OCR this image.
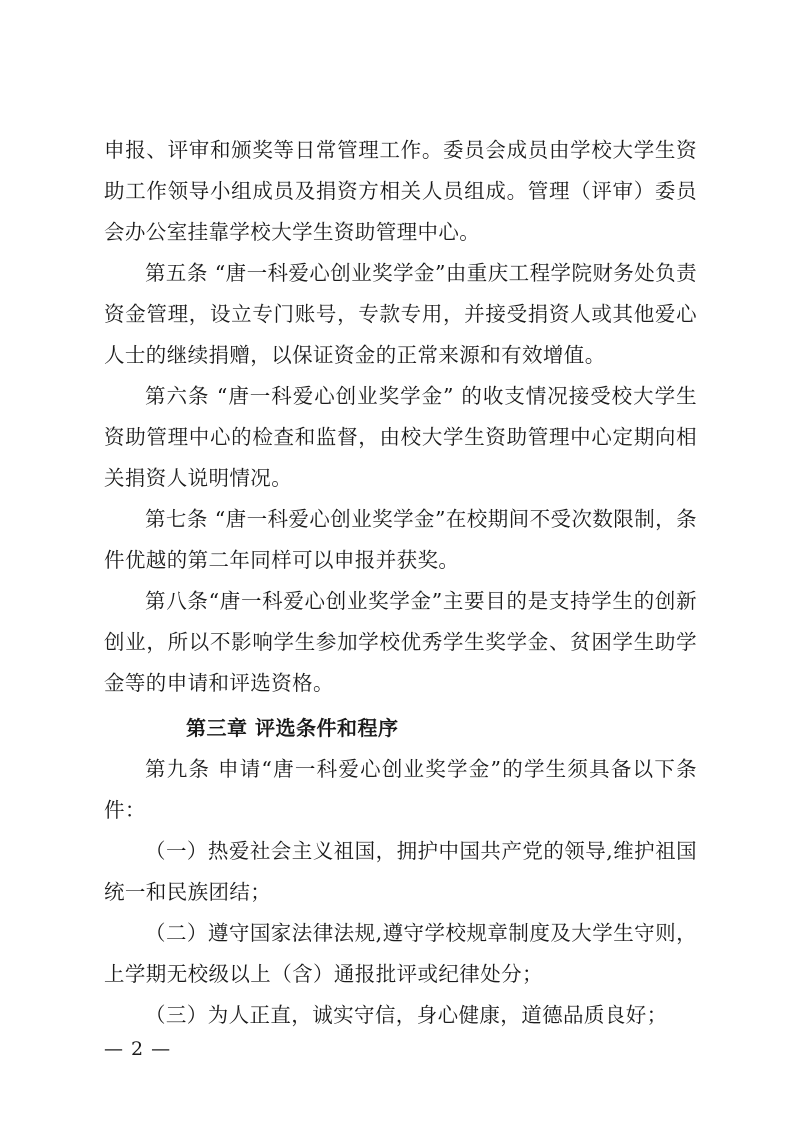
申报、评审和颁奖等日常管理工作。委员会成员由学校大学生资助工作领导小组成员及捐资方相关人员组成。管理（评审）委员会办公室挂靠学校大学生资助管理中心。

第五条 “唐一科爱心创业奖学金”由重庆工程学院财务处负责资金管理，设立专门账号，专款专用，并接受捐资人或其他爱心人士的继续捐赠，以保证资金的正常来源和有效增值。

第六条 “唐一科爱心创业奖学金” 的收支情况接受校大学生资助管理中心的检查和监督，由校大学生资助管理中心定期向相关捐资人说明情况。

第七条 “唐一科爱心创业奖学金”在校期间不受次数限制，条件优越的第二年同样可以申报并获奖。

第八条“唐一科爱心创业奖学金”主要目的是支持学生的创新创业，所以不影响学生参加学校优秀学生奖学金、贫困学生助学金等的申请和评选资格。

第三章 评选条件和程序

第九条 申请“唐一科爱心创业奖学金”的学生须具备以下条件：

（一）热爱社会主义祖国，拥护中国共产党的领导,维护祖国统一和民族团结；

（二）遵守国家法律法规,遵守学校规章制度及大学生守则，上学期无校级以上（含）通报批评或纪律处分；

（三）为人正直，诚实守信，身心健康，道德品质良好；

— 2 —
